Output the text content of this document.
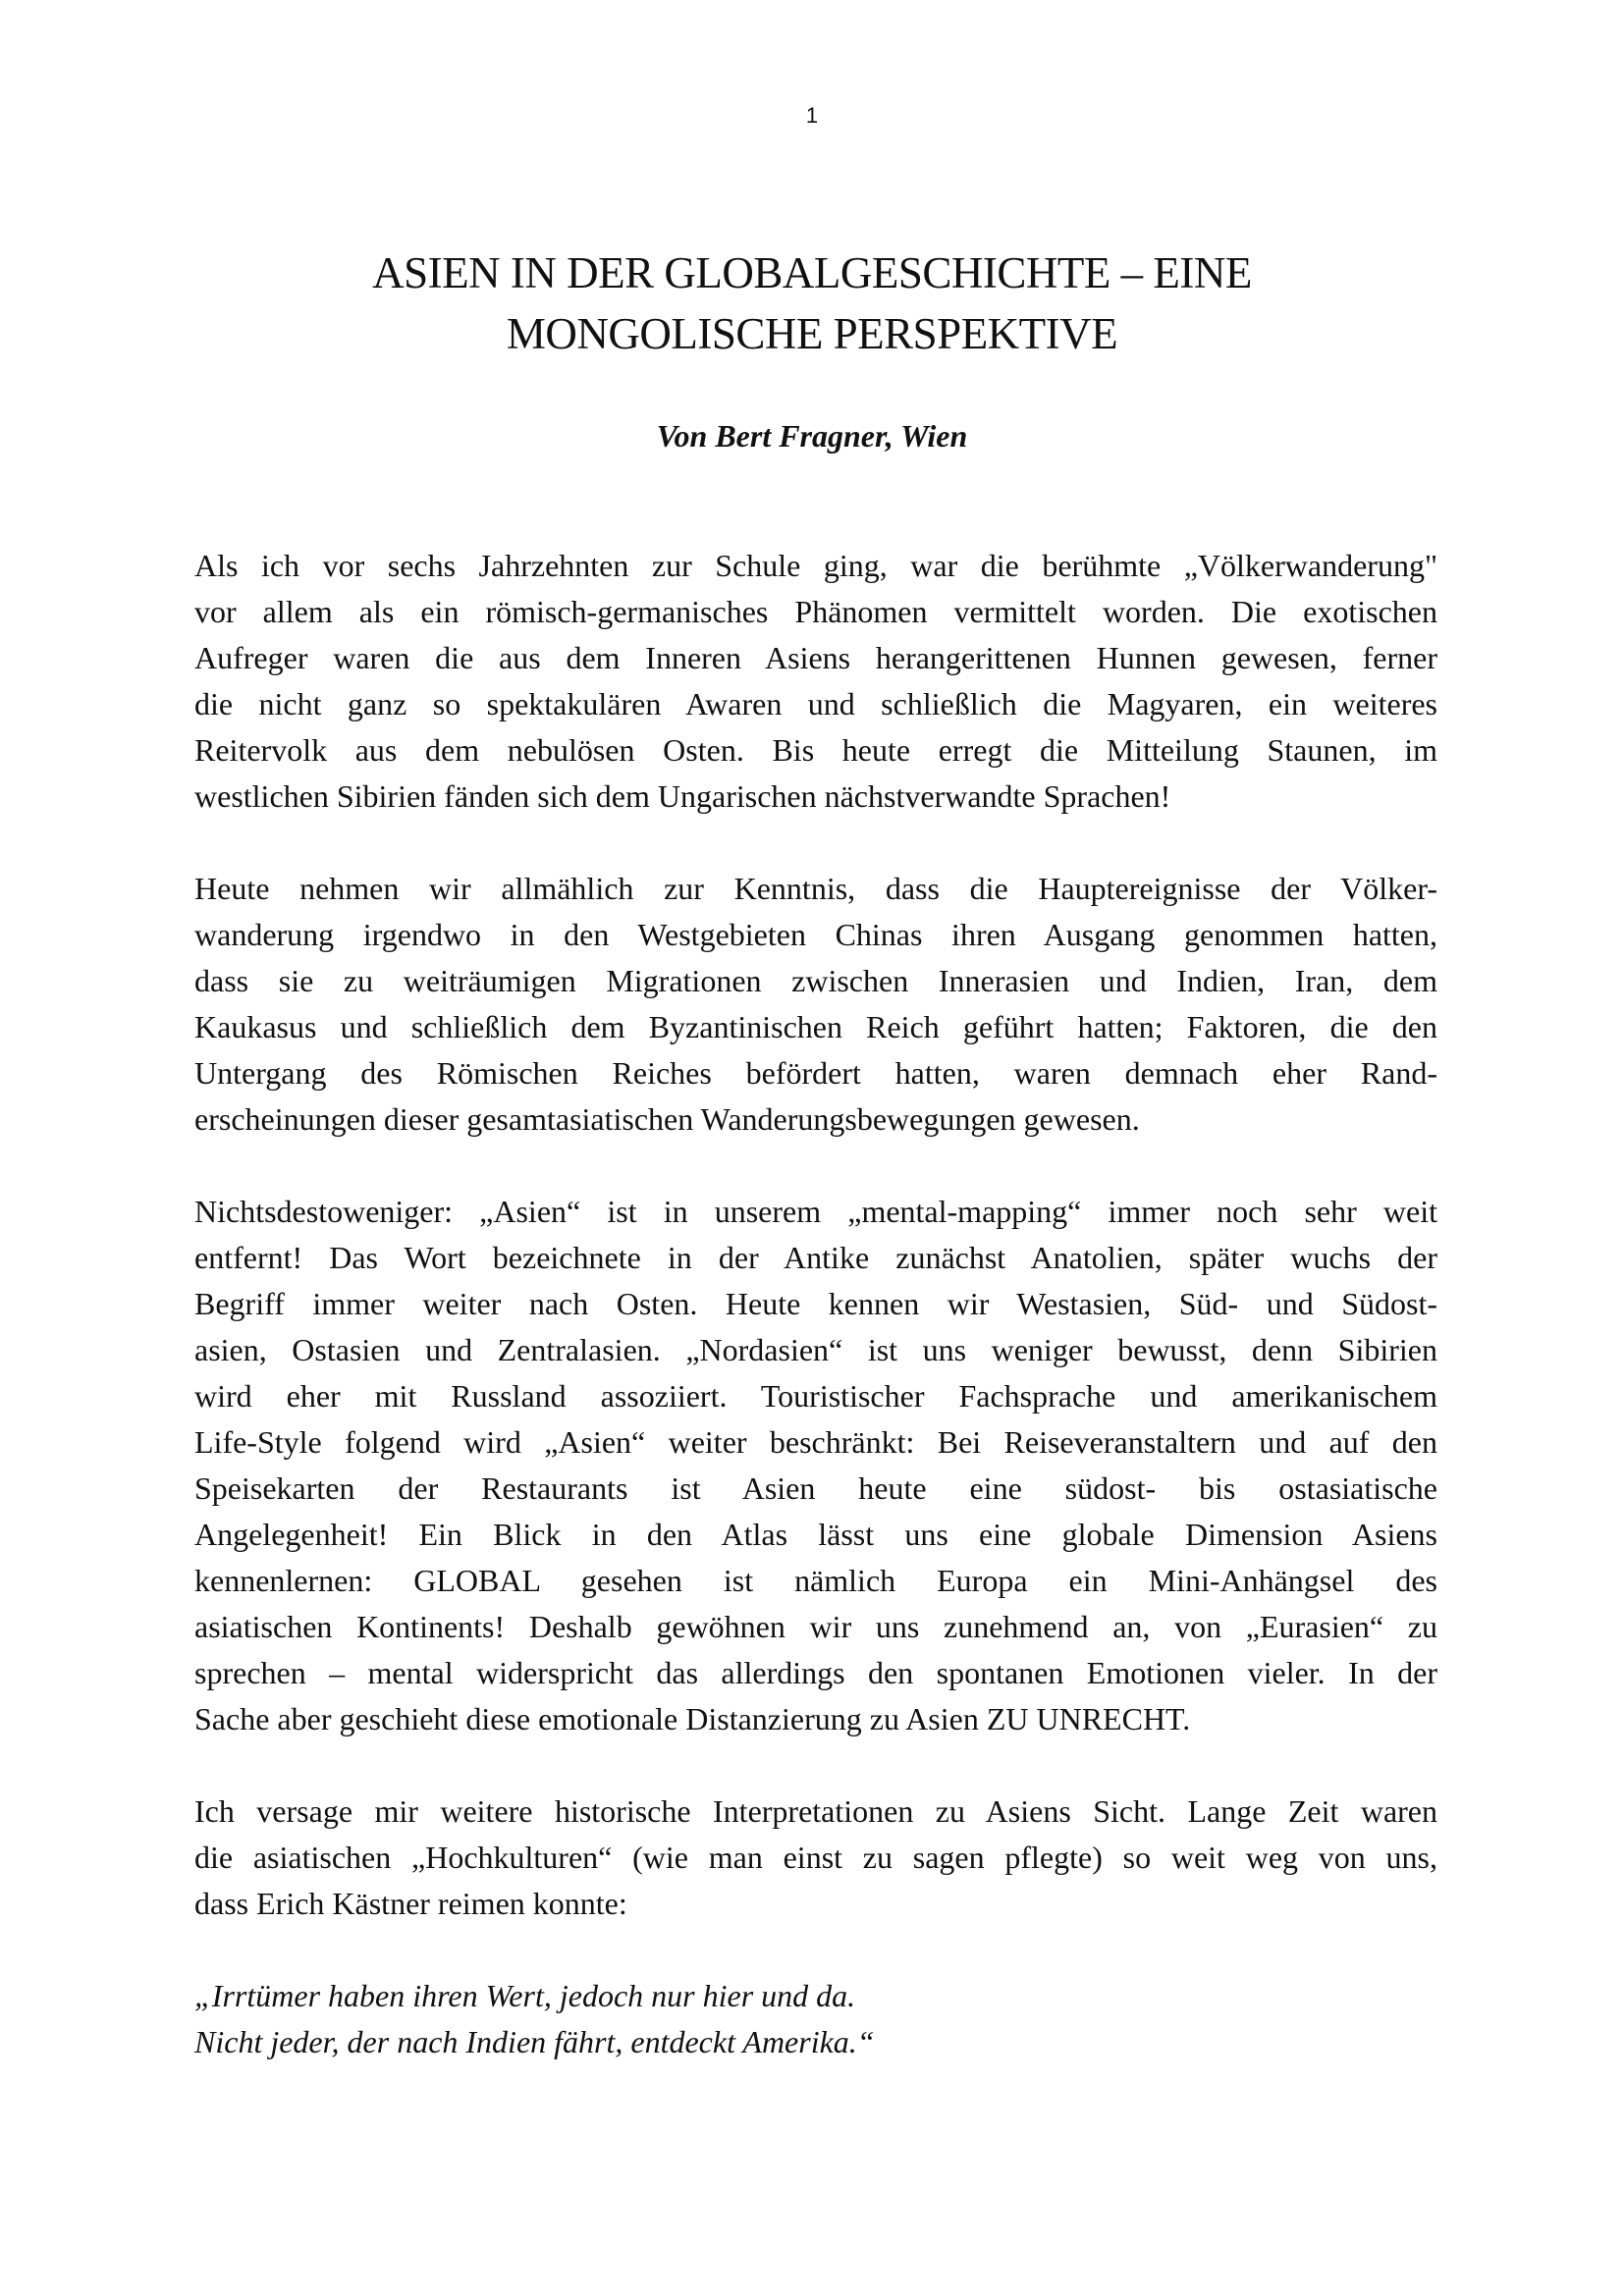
1
ASIEN IN DER GLOBALGESCHICHTE – EINE
MONGOLISCHE PERSPEKTIVE
Von Bert Fragner, Wien

Als ich vor sechs Jahrzehnten zur Schule ging, war die berühmte „Völkerwanderung"
vor allem als ein römisch-germanisches Phänomen vermittelt worden. Die exotischen
Aufreger waren die aus dem Inneren Asiens herangerittenen Hunnen gewesen, ferner
die nicht ganz so spektakulären Awaren und schließlich die Magyaren, ein weiteres
Reitervolk aus dem nebulösen Osten. Bis heute erregt die Mitteilung Staunen, im
westlichen Sibirien fänden sich dem Ungarischen nächstverwandte Sprachen!

Heute nehmen wir allmählich zur Kenntnis, dass die Hauptereignisse der Völker-
wanderung irgendwo in den Westgebieten Chinas ihren Ausgang genommen hatten,
dass sie zu weiträumigen Migrationen zwischen Innerasien und Indien, Iran, dem
Kaukasus und schließlich dem Byzantinischen Reich geführt hatten; Faktoren, die den
Untergang des Römischen Reiches befördert hatten, waren demnach eher Rand-
erscheinungen dieser gesamtasiatischen Wanderungsbewegungen gewesen.

Nichtsdestoweniger: „Asien“ ist in unserem „mental-mapping“ immer noch sehr weit
entfernt! Das Wort bezeichnete in der Antike zunächst Anatolien, später wuchs der
Begriff immer weiter nach Osten. Heute kennen wir Westasien, Süd- und Südost-
asien, Ostasien und Zentralasien. „Nordasien“ ist uns weniger bewusst, denn Sibirien
wird eher mit Russland assoziiert. Touristischer Fachsprache und amerikanischem
Life-Style folgend wird „Asien“ weiter beschränkt: Bei Reiseveranstaltern und auf den
Speisekarten der Restaurants ist Asien heute eine südost- bis ostasiatische
Angelegenheit! Ein Blick in den Atlas lässt uns eine globale Dimension Asiens
kennenlernen: GLOBAL gesehen ist nämlich Europa ein Mini-Anhängsel des
asiatischen Kontinents! Deshalb gewöhnen wir uns zunehmend an, von „Eurasien“ zu
sprechen – mental widerspricht das allerdings den spontanen Emotionen vieler. In der
Sache aber geschieht diese emotionale Distanzierung zu Asien ZU UNRECHT.

Ich versage mir weitere historische Interpretationen zu Asiens Sicht. Lange Zeit waren
die asiatischen „Hochkulturen“ (wie man einst zu sagen pflegte) so weit weg von uns,
dass Erich Kästner reimen konnte:

„Irrtümer haben ihren Wert, jedoch nur hier und da.
Nicht jeder, der nach Indien fährt, entdeckt Amerika.“
